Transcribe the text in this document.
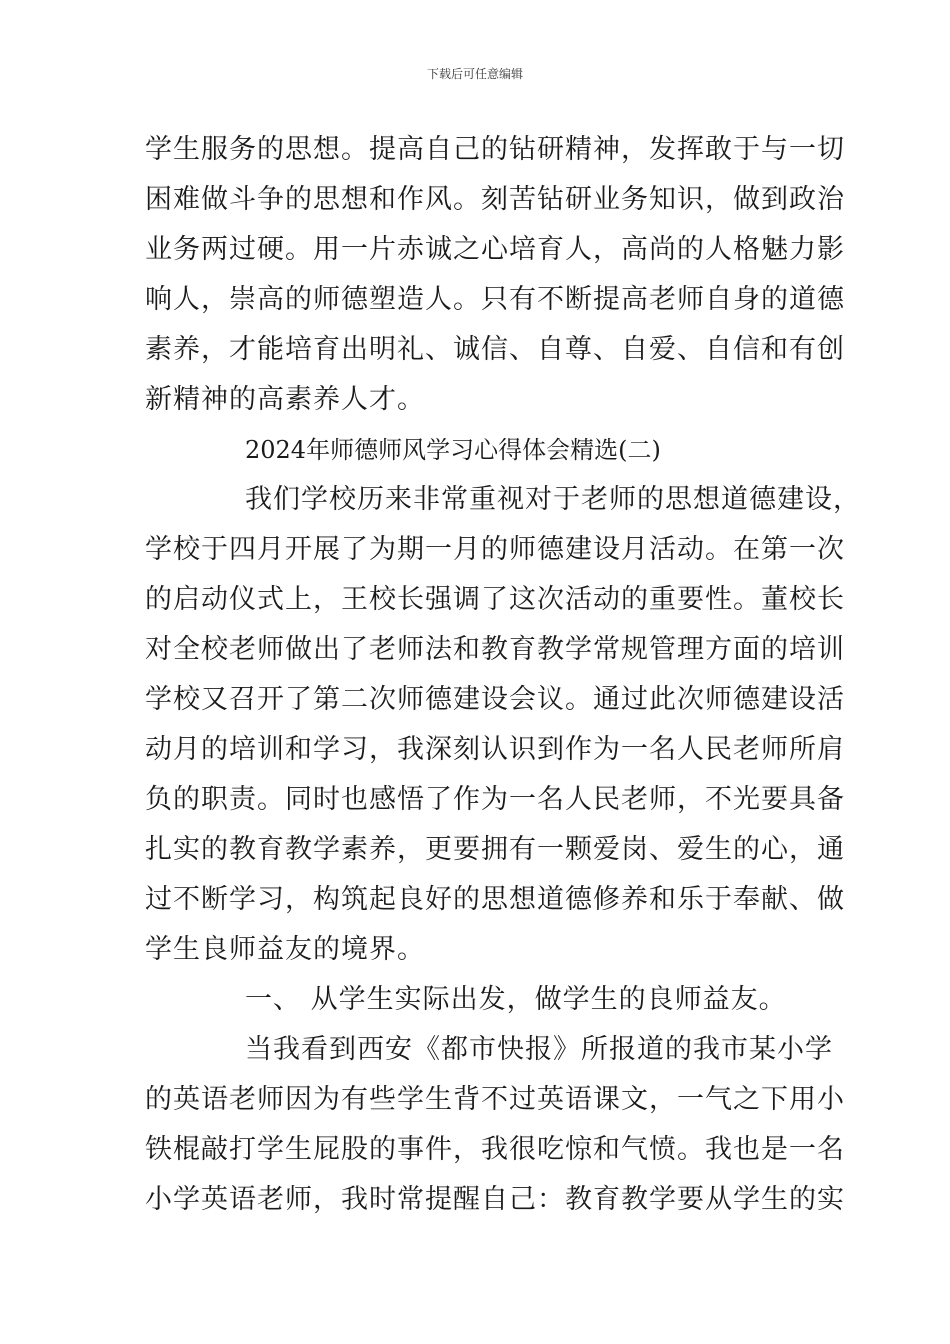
下载后可任意编辑
学生服务的思想。提高自己的钻研精神，发挥敢于与一切
困难做斗争的思想和作风。刻苦钻研业务知识，做到政治
业务两过硬。用一片赤诚之心培育人，高尚的人格魅力影
响人，崇高的师德塑造人。只有不断提高老师自身的道德
素养，才能培育出明礼、诚信、自尊、自爱、自信和有创
新精神的高素养人才。
2024年师德师风学习心得体会精选(二)
我们学校历来非常重视对于老师的思想道德建设，
学校于四月开展了为期一月的师德建设月活动。在第一次
的启动仪式上，王校长强调了这次活动的重要性。董校长
对全校老师做出了老师法和教育教学常规管理方面的培训
学校又召开了第二次师德建设会议。通过此次师德建设活
动月的培训和学习，我深刻认识到作为一名人民老师所肩
负的职责。同时也感悟了作为一名人民老师，不光要具备
扎实的教育教学素养，更要拥有一颗爱岗、爱生的心，通
过不断学习，构筑起良好的思想道德修养和乐于奉献、做
学生良师益友的境界。
一、 从学生实际出发，做学生的良师益友。
当我看到西安《都市快报》所报道的我市某小学
的英语老师因为有些学生背不过英语课文，一气之下用小
铁棍敲打学生屁股的事件，我很吃惊和气愤。我也是一名
小学英语老师，我时常提醒自己：教育教学要从学生的实
